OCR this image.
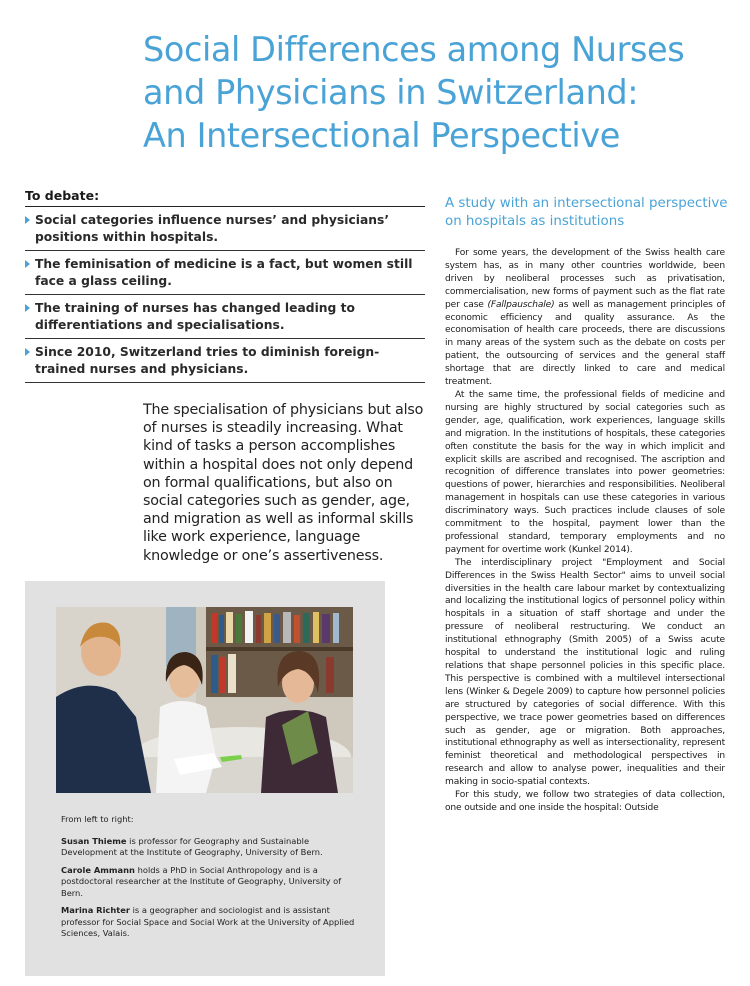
Social Differences among Nurses
and Physicians in Switzerland:
An Intersectional Perspective
To debate:
Social categories influence nurses’ and physicians’ positions within hospitals.
The feminisation of medicine is a fact, but women still face a glass ceiling.
The training of nurses has changed leading to differentiations and specialisations.
Since 2010, Switzerland tries to diminish foreign-trained nurses and physicians.

The specialisation of physicians but also of nurses is steadily increasing. What kind of tasks a person accomplishes within a hospital does not only depend on formal qualifications, but also on social categories such as gender, age, and migration as well as informal skills like work experience, language knowledge or one’s assertiveness.

From left to right:

Susan Thieme is professor for Geography and Sustainable Development at the Institute of Geography, University of Bern.

Carole Ammann holds a PhD in Social Anthropology and is a postdoctoral researcher at the Institute of Geography, University of Bern.

Marina Richter is a geographer and sociologist and is assistant professor for Social Space and Social Work at the University of Applied Sciences, Valais.

A study with an intersectional perspective on hospitals as institutions

For some years, the development of the Swiss health care system has, as in many other countries worldwide, been driven by neoliberal processes such as privatisation, commercialisation, new forms of payment such as the flat rate per case (Fallpauschale) as well as management principles of economic efficiency and quality assurance. As the economisation of health care proceeds, there are discussions in many areas of the system such as the debate on costs per patient, the outsourcing of services and the general staff shortage that are directly linked to care and medical treatment.

At the same time, the professional fields of medicine and nursing are highly structured by social categories such as gender, age, qualification, work experiences, language skills and migration. In the institutions of hospitals, these categories often constitute the basis for the way in which implicit and explicit skills are ascribed and recognised. The ascription and recognition of difference translates into power geometries: questions of power, hierarchies and responsibilities. Neoliberal management in hospitals can use these categories in various discriminatory ways. Such practices include clauses of sole commitment to the hospital, payment lower than the professional standard, temporary employments and no payment for overtime work (Kunkel 2014).

The interdisciplinary project "Employment and Social Differences in the Swiss Health Sector" aims to unveil social diversities in the health care labour market by contextualizing and localizing the institutional logics of personnel policy within hospitals in a situation of staff shortage and under the pressure of neoliberal restructuring. We conduct an institutional ethnography (Smith 2005) of a Swiss acute hospital to understand the institutional logic and ruling relations that shape personnel policies in this specific place. This perspective is combined with a multilevel intersectional lens (Winker & Degele 2009) to capture how personnel policies are structured by categories of social difference. With this perspective, we trace power geometries based on differences such as gender, age or migration. Both approaches, institutional ethnography as well as intersectionality, represent feminist theoretical and methodological perspectives in research and allow to analyse power, inequalities and their making in socio-spatial contexts.

For this study, we follow two strategies of data collection, one outside and one inside the hospital: Outside
